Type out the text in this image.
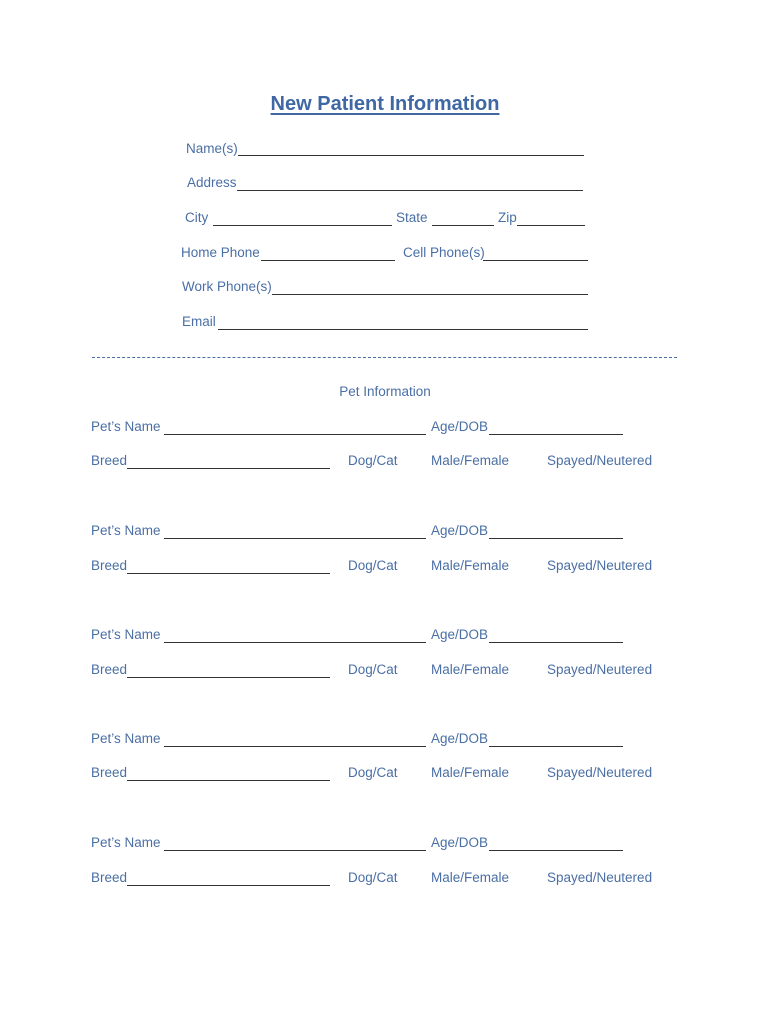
New Patient Information
Name(s)
Address
City	State	Zip
Home Phone	Cell Phone(s)
Work Phone(s)
Email
Pet Information
Pet’s Name	Age/DOB
Breed	Dog/Cat Male/Female	Spayed/Neutered
Pet’s Name	Age/DOB
Breed	Dog/Cat Male/Female	Spayed/Neutered
Pet’s Name	Age/DOB
Breed	Dog/Cat Male/Female	Spayed/Neutered
Pet’s Name	Age/DOB
Breed	Dog/Cat Male/Female	Spayed/Neutered
Pet’s Name	Age/DOB
Breed	Dog/Cat Male/Female	Spayed/Neutered
